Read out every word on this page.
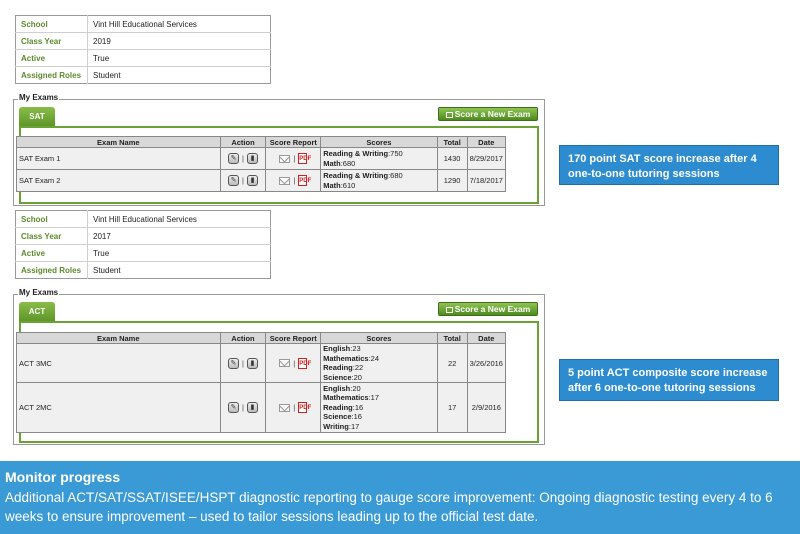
School	Vint Hill Educational Services
Class Year	2019
Active	True
Assigned Roles	Student
My Exams
SAT	Score a New Exam
Exam Name	Action	Score Report	Scores	Total	Date
SAT Exam 1	✎ | ▮	| PDF	Reading & Writing:750
Math:680	1430	8/29/2017
SAT Exam 2	✎ | ▮	| PDF	Reading & Writing:680
Math:610	1290	7/18/2017
170 point SAT score increase after 4 one-to-one tutoring sessions
School	Vint Hill Educational Services
Class Year	2017
Active	True
Assigned Roles	Student
My Exams
ACT	Score a New Exam
Exam Name	Action	Score Report	Scores	Total	Date
ACT 3MC	✎ | ▮	| PDF	English:23
Mathematics:24
Reading:22
Science:20	22	3/26/2016
ACT 2MC	✎ | ▮	| PDF	English:20
Mathematics:17
Reading:16
Science:16
Writing:17	17	2/9/2016
5 point ACT composite score increase after 6 one-to-one tutoring sessions
Monitor progress

Additional ACT/SAT/SSAT/ISEE/HSPT diagnostic reporting to gauge score improvement: Ongoing diagnostic testing every 4 to 6 weeks to ensure improvement – used to tailor sessions leading up to the official test date.
